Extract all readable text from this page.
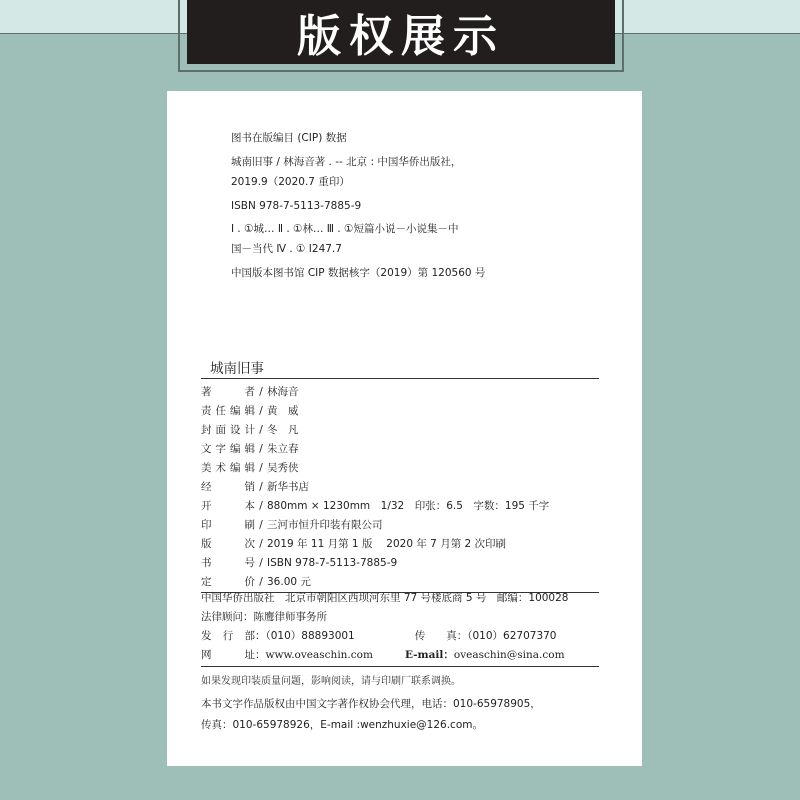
版权展示
图书在版编目 (CIP) 数据
城南旧事 / 林海音著 . -- 北京 : 中国华侨出版社，
2019.9（2020.7 重印）
ISBN 978-7-5113-7885-9
Ⅰ . ①城… Ⅱ . ①林… Ⅲ . ①短篇小说－小说集－中
国－当代 Ⅳ . ① I247.7
中国版本图书馆 CIP 数据核字（2019）第 120560 号
城南旧事
著者 / 林海音
责任编辑 / 黄　威
封面设计 / 冬　凡
文字编辑 / 朱立春
美术编辑 / 吴秀侠
经销 / 新华书店
开本 / 880mm × 1230mm　1/32　印张：6.5　字数：195 千字
印刷 / 三河市恒升印装有限公司
版次 / 2019 年 11 月第 1 版　 2020 年 7 月第 2 次印刷
书号 / ISBN 978-7-5113-7885-9
定价 / 36.00 元
中国华侨出版社　北京市朝阳区西坝河东里 77 号楼底商 5 号　邮编：100028
法律顾问：陈鹰律师事务所
发行部：（010）88893001	传　　真：（010）62707370
网址：www.oveaschin.com	E-mail：oveaschin@sina.com
如果发现印装质量问题，影响阅读，请与印刷厂联系调换。
本书文字作品版权由中国文字著作权协会代理，电话：010-65978905，
传真：010-65978926，E-mail :wenzhuxie@126.com。
